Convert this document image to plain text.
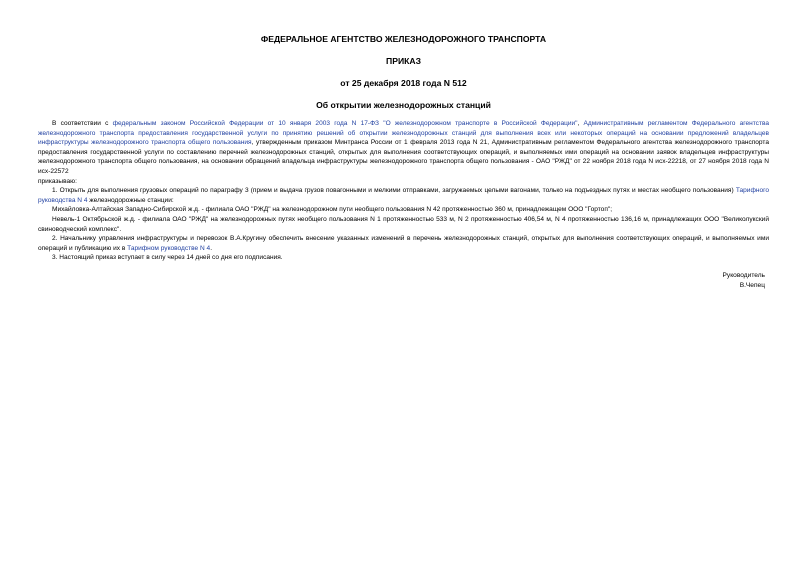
ФЕДЕРАЛЬНОЕ АГЕНТСТВО ЖЕЛЕЗНОДОРОЖНОГО ТРАНСПОРТА

ПРИКАЗ

от 25 декабря 2018 года N 512

Об открытии железнодорожных станций

В соответствии с федеральным законом Российской Федерации от 10 января 2003 года N 17-ФЗ "О железнодорожном транспорте в Российской Федерации", Административным регламентом Федерального агентства железнодорожного транспорта предоставления государственной услуги по принятию решений об открытии железнодорожных станций для выполнения всех или некоторых операций на основании предложений владельцев инфраструктуры железнодорожного транспорта общего пользования, утвержденным приказом Минтранса России от 1 февраля 2013 года N 21, Административным регламентом Федерального агентства железнодорожного транспорта предоставления государственной услуги по составлению перечней железнодорожных станций, открытых для выполнения соответствующих операций, и выполняемых ими операций на основании заявок владельцев инфраструктуры железнодорожного транспорта общего пользования, на основании обращений владельца инфраструктуры железнодорожного транспорта общего пользования - ОАО "РЖД" от 22 ноября 2018 года N исх-22218, от 27 ноября 2018 года N исх-22572

приказываю:

1. Открыть для выполнения грузовых операций по параграфу 3 (прием и выдача грузов повагонными и мелкими отправками, загружаемых целыми вагонами, только на подъездных путях и местах необщего пользования) Тарифного руководства N 4 железнодорожные станции:

Михайловка-Алтайская Западно-Сибирской ж.д. - филиала ОАО "РЖД" на железнодорожном пути необщего пользования N 42 протяженностью 360 м, принадлежащем ООО "Гортоп";

Невель-1 Октябрьской ж.д. - филиала ОАО "РЖД" на железнодорожных путях необщего пользования N 1 протяженностью 533 м, N 2 протяженностью 406,54 м, N 4 протяженностью 136,16 м, принадлежащих ООО "Великолукский свиноводческий комплекс".

2. Начальнику управления инфраструктуры и перевозок В.А.Кругину обеспечить внесение указанных изменений в перечень железнодорожных станций, открытых для выполнения соответствующих операций, и выполняемых ими операций и публикацию их в Тарифном руководстве N 4.

3. Настоящий приказ вступает в силу через 14 дней со дня его подписания.

Руководитель
В.Чепец
